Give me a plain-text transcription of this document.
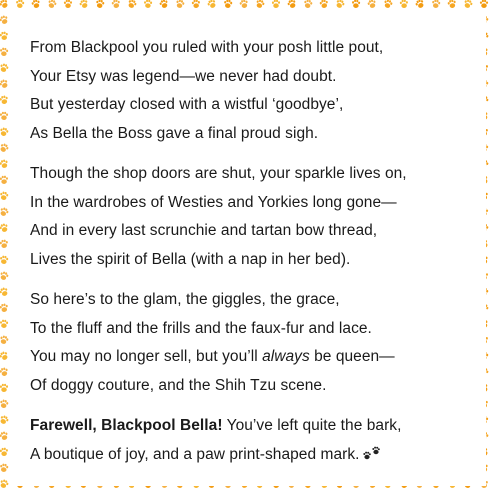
From Blackpool you ruled with your posh little pout,
Your Etsy was legend—we never had doubt.
But yesterday closed with a wistful ‘goodbye’,
As Bella the Boss gave a final proud sigh.
Though the shop doors are shut, your sparkle lives on,
In the wardrobes of Westies and Yorkies long gone—
And in every last scrunchie and tartan bow thread,
Lives the spirit of Bella (with a nap in her bed).
So here’s to the glam, the giggles, the grace,
To the fluff and the frills and the faux-fur and lace.
You may no longer sell, but you’ll always be queen—
Of doggy couture, and the Shih Tzu scene.
Farewell, Blackpool Bella! You’ve left quite the bark,
A boutique of joy, and a paw print-shaped mark.
